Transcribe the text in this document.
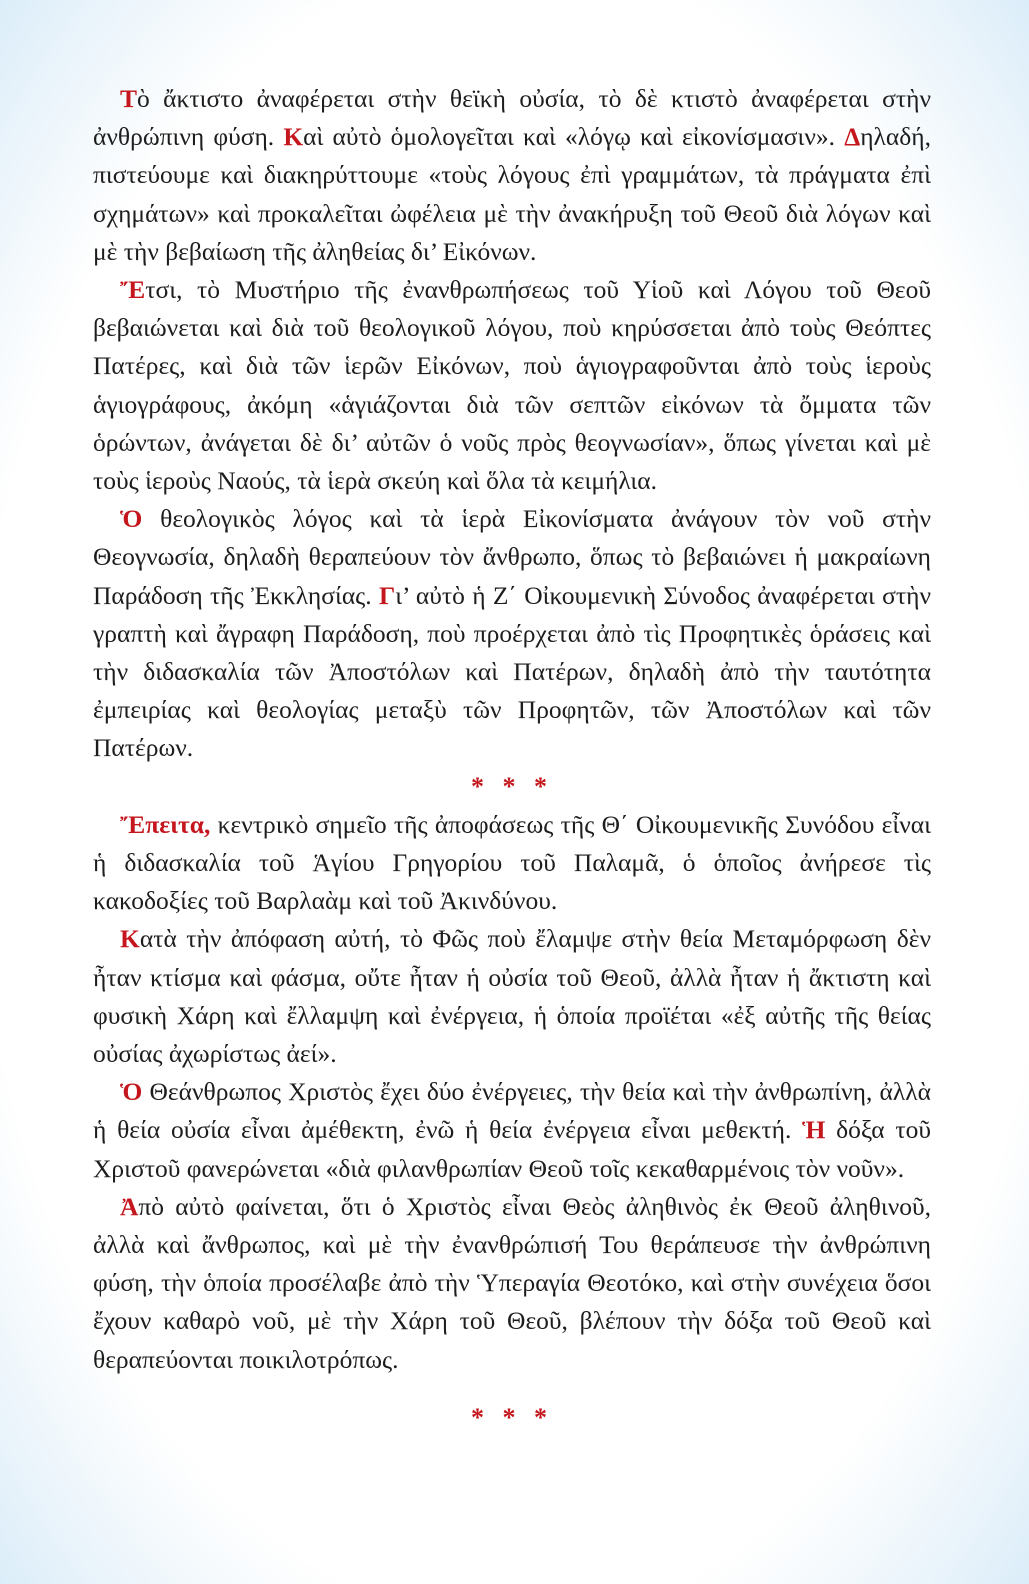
Τὸ ἄκτιστο ἀναφέρεται στὴν θεϊκὴ οὐσία, τὸ δὲ κτιστὸ ἀναφέρεται στὴν ἀνθρώπινη φύση. Καὶ αὐτὸ ὁμολογεῖται καὶ «λόγῳ καὶ εἰκονίσμασιν». Δηλαδή, πιστεύουμε καὶ διακηρύττουμε «τοὺς λόγους ἐπὶ γραμμάτων, τὰ πράγματα ἐπὶ σχημάτων» καὶ προκαλεῖται ὠφέλεια μὲ τὴν ἀνακήρυξη τοῦ Θεοῦ διὰ λόγων καὶ μὲ τὴν βεβαίωση τῆς ἀληθείας δι’ Εἰκόνων.

Ἔτσι, τὸ Μυστήριο τῆς ἐνανθρωπήσεως τοῦ Υἱοῦ καὶ Λόγου τοῦ Θεοῦ βεβαιώνεται καὶ διὰ τοῦ θεολογικοῦ λόγου, ποὺ κηρύσσεται ἀπὸ τοὺς Θεόπτες Πατέρες, καὶ διὰ τῶν ἱερῶν Εἰκόνων, ποὺ ἁγιογραφοῦνται ἀπὸ τοὺς ἱεροὺς ἁγιογράφους, ἀκόμη «ἁγιάζονται διὰ τῶν σεπτῶν εἰκόνων τὰ ὄμματα τῶν ὁρώντων, ἀνάγεται δὲ δι’ αὐτῶν ὁ νοῦς πρὸς θεογνωσίαν», ὅπως γίνεται καὶ μὲ τοὺς ἱεροὺς Ναούς, τὰ ἱερὰ σκεύη καὶ ὅλα τὰ κειμήλια.

Ὁ θεολογικὸς λόγος καὶ τὰ ἱερὰ Εἰκονίσματα ἀνάγουν τὸν νοῦ στὴν Θεογνωσία, δηλαδὴ θεραπεύουν τὸν ἄνθρωπο, ὅπως τὸ βεβαιώνει ἡ μακραίωνη Παράδοση τῆς Ἐκκλησίας. Γι’ αὐτὸ ἡ Ζ΄ Οἰκουμενικὴ Σύνοδος ἀναφέρεται στὴν γραπτὴ καὶ ἄγραφη Παράδοση, ποὺ προέρχεται ἀπὸ τὶς Προφητικὲς ὁράσεις καὶ τὴν διδασκαλία τῶν Ἀποστόλων καὶ Πατέρων, δηλαδὴ ἀπὸ τὴν ταυτότητα ἐμπειρίας καὶ θεολογίας μεταξὺ τῶν Προφητῶν, τῶν Ἀποστόλων καὶ τῶν Πατέρων.

* * *

Ἔπειτα, κεντρικὸ σημεῖο τῆς ἀποφάσεως τῆς Θ΄ Οἰκουμενικῆς Συνόδου εἶναι ἡ διδασκαλία τοῦ Ἁγίου Γρηγορίου τοῦ Παλαμᾶ, ὁ ὁποῖος ἀνήρεσε τὶς κακοδοξίες τοῦ Βαρλαὰμ καὶ τοῦ Ἀκινδύνου.

Κατὰ τὴν ἀπόφαση αὐτή, τὸ Φῶς ποὺ ἔλαμψε στὴν θεία Μεταμόρφωση δὲν ἦταν κτίσμα καὶ φάσμα, οὔτε ἦταν ἡ οὐσία τοῦ Θεοῦ, ἀλλὰ ἦταν ἡ ἄκτιστη καὶ φυσικὴ Χάρη καὶ ἔλλαμψη καὶ ἐνέργεια, ἡ ὁποία προϊέται «ἐξ αὐτῆς τῆς θείας οὐσίας ἀχωρίστως ἀεί».

Ὁ Θεάνθρωπος Χριστὸς ἔχει δύο ἐνέργειες, τὴν θεία καὶ τὴν ἀνθρωπίνη, ἀλλὰ ἡ θεία οὐσία εἶναι ἀμέθεκτη, ἐνῶ ἡ θεία ἐνέργεια εἶναι μεθεκτή. Ἡ δόξα τοῦ Χριστοῦ φανερώνεται «διὰ φιλανθρωπίαν Θεοῦ τοῖς κεκαθαρμένοις τὸν νοῦν».

Ἀπὸ αὐτὸ φαίνεται, ὅτι ὁ Χριστὸς εἶναι Θεὸς ἀληθινὸς ἐκ Θεοῦ ἀληθινοῦ, ἀλλὰ καὶ ἄνθρωπος, καὶ μὲ τὴν ἐνανθρώπισή Του θεράπευσε τὴν ἀνθρώπινη φύση, τὴν ὁποία προσέλαβε ἀπὸ τὴν Ὑπεραγία Θεοτόκο, καὶ στὴν συνέχεια ὅσοι ἔχουν καθαρὸ νοῦ, μὲ τὴν Χάρη τοῦ Θεοῦ, βλέπουν τὴν δόξα τοῦ Θεοῦ καὶ θεραπεύονται ποικιλοτρόπως.

* * *
